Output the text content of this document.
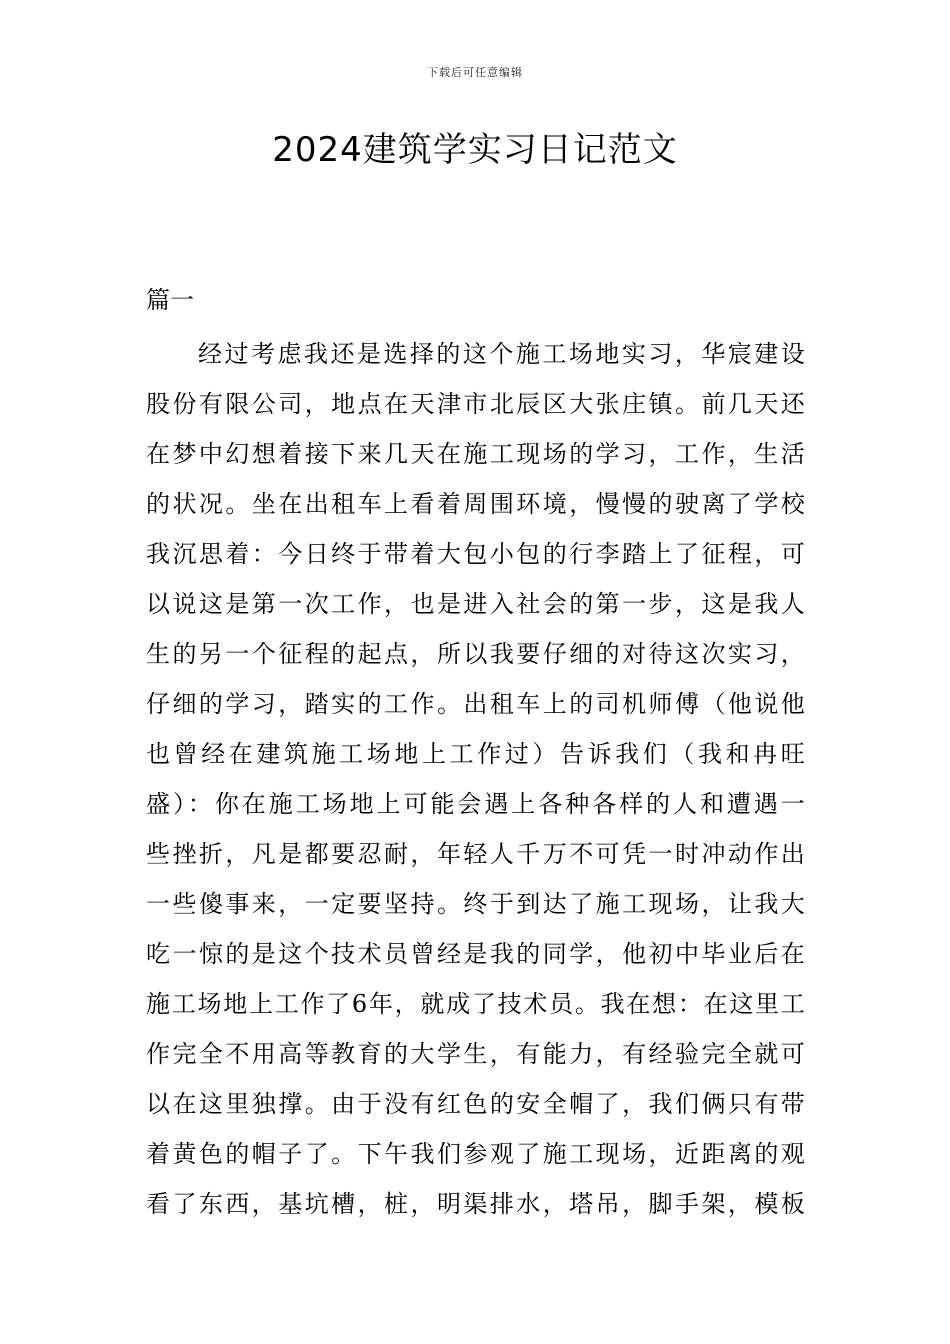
下载后可任意编辑
2024建筑学实习日记范文
篇一
经过考虑我还是选择的这个施工场地实习，华宸建设
股份有限公司，地点在天津市北辰区大张庄镇。前几天还
在梦中幻想着接下来几天在施工现场的学习，工作，生活
的状况。坐在出租车上看着周围环境，慢慢的驶离了学校
我沉思着：今日终于带着大包小包的行李踏上了征程，可
以说这是第一次工作，也是进入社会的第一步，这是我人
生的另一个征程的起点，所以我要仔细的对待这次实习，
仔细的学习，踏实的工作。出租车上的司机师傅（他说他
也曾经在建筑施工场地上工作过）告诉我们（我和冉旺
盛）：你在施工场地上可能会遇上各种各样的人和遭遇一
些挫折，凡是都要忍耐，年轻人千万不可凭一时冲动作出
一些傻事来，一定要坚持。终于到达了施工现场，让我大
吃一惊的是这个技术员曾经是我的同学，他初中毕业后在
施工场地上工作了6年，就成了技术员。我在想：在这里工
作完全不用高等教育的大学生，有能力，有经验完全就可
以在这里独撑。由于没有红色的安全帽了，我们俩只有带
着黄色的帽子了。下午我们参观了施工现场，近距离的观
看了东西，基坑槽，桩，明渠排水，塔吊，脚手架，模板
